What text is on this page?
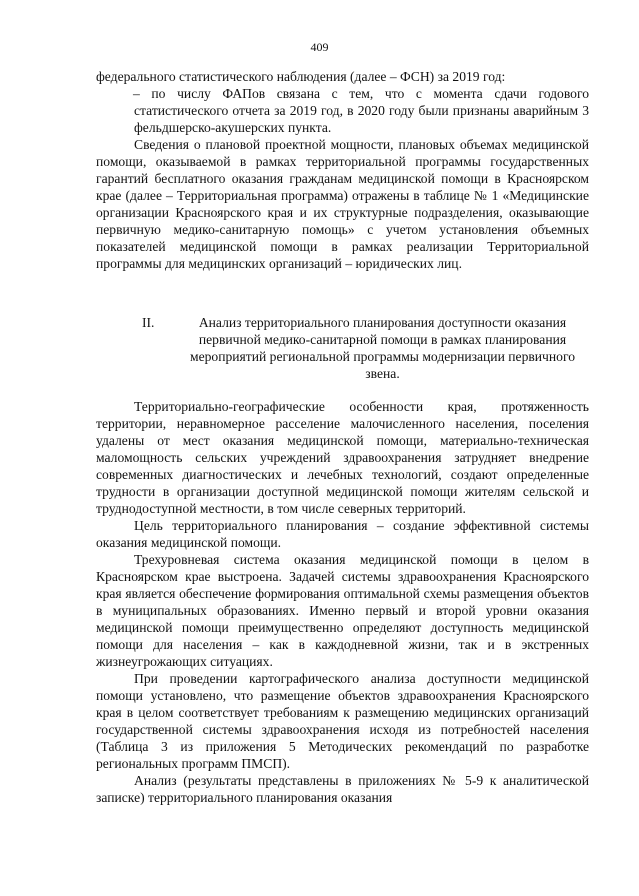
409

федерального статистического наблюдения (далее – ФСН) за 2019 год:

– по числу ФАПов связана с тем, что с момента сдачи годового статистического отчета за 2019 год, в 2020 году были признаны аварийным 3 фельдшерско-акушерских пункта.

Сведения о плановой проектной мощности, плановых объемах медицинской помощи, оказываемой в рамках территориальной программы государственных гарантий бесплатного оказания гражданам медицинской помощи в Красноярском крае (далее – Территориальная программа) отражены в таблице № 1 «Медицинские организации Красноярского края и их структурные подразделения, оказывающие первичную медико-санитарную помощь» с учетом установления объемных показателей медицинской помощи в рамках реализации Территориальной программы для медицинских организаций – юридических лиц.

II.	Анализ территориального планирования доступности оказания первичной медико-санитарной помощи в рамках планирования мероприятий региональной программы модернизации первичного звена.

Территориально-географические особенности края, протяженность территории, неравномерное расселение малочисленного населения, поселения удалены от мест оказания медицинской помощи, материально-техническая маломощность сельских учреждений здравоохранения затрудняет внедрение современных диагностических и лечебных технологий, создают определенные трудности в организации доступной медицинской помощи жителям сельской и труднодоступной местности, в том числе северных территорий.

Цель территориального планирования – создание эффективной системы оказания медицинской помощи.

Трехуровневая система оказания медицинской помощи в целом в Красноярском крае выстроена. Задачей системы здравоохранения Красноярского края является обеспечение формирования оптимальной схемы размещения объектов в муниципальных образованиях. Именно первый и второй уровни оказания медицинской помощи преимущественно определяют доступность медицинской помощи для населения – как в каждодневной жизни, так и в экстренных жизнеугрожающих ситуациях.

При проведении картографического анализа доступности медицинской помощи установлено, что размещение объектов здравоохранения Красноярского края в целом соответствует требованиям к размещению медицинских организаций государственной системы здравоохранения исходя из потребностей населения (Таблица 3 из приложения 5 Методических рекомендаций по разработке региональных программ ПМСП).

Анализ (результаты представлены в приложениях № 5-9 к аналитической записке) территориального планирования оказания
